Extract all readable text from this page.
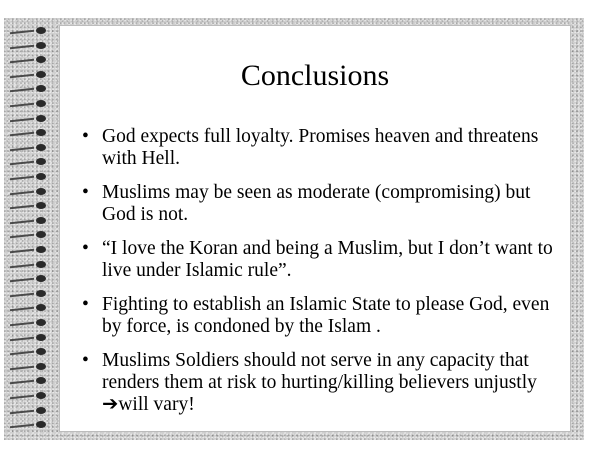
Conclusions
• God expects full loyalty. Promises heaven and threatens with Hell.
• Muslims may be seen as moderate (compromising) but God is not.
• “I love the Koran and being a Muslim, but I don’t want to live under Islamic rule”.
• Fighting to establish an Islamic State to please God, even by force, is condoned by the Islam .
• Muslims Soldiers should not serve in any capacity that renders them at risk to hurting/killing believers unjustly ➔will vary!
